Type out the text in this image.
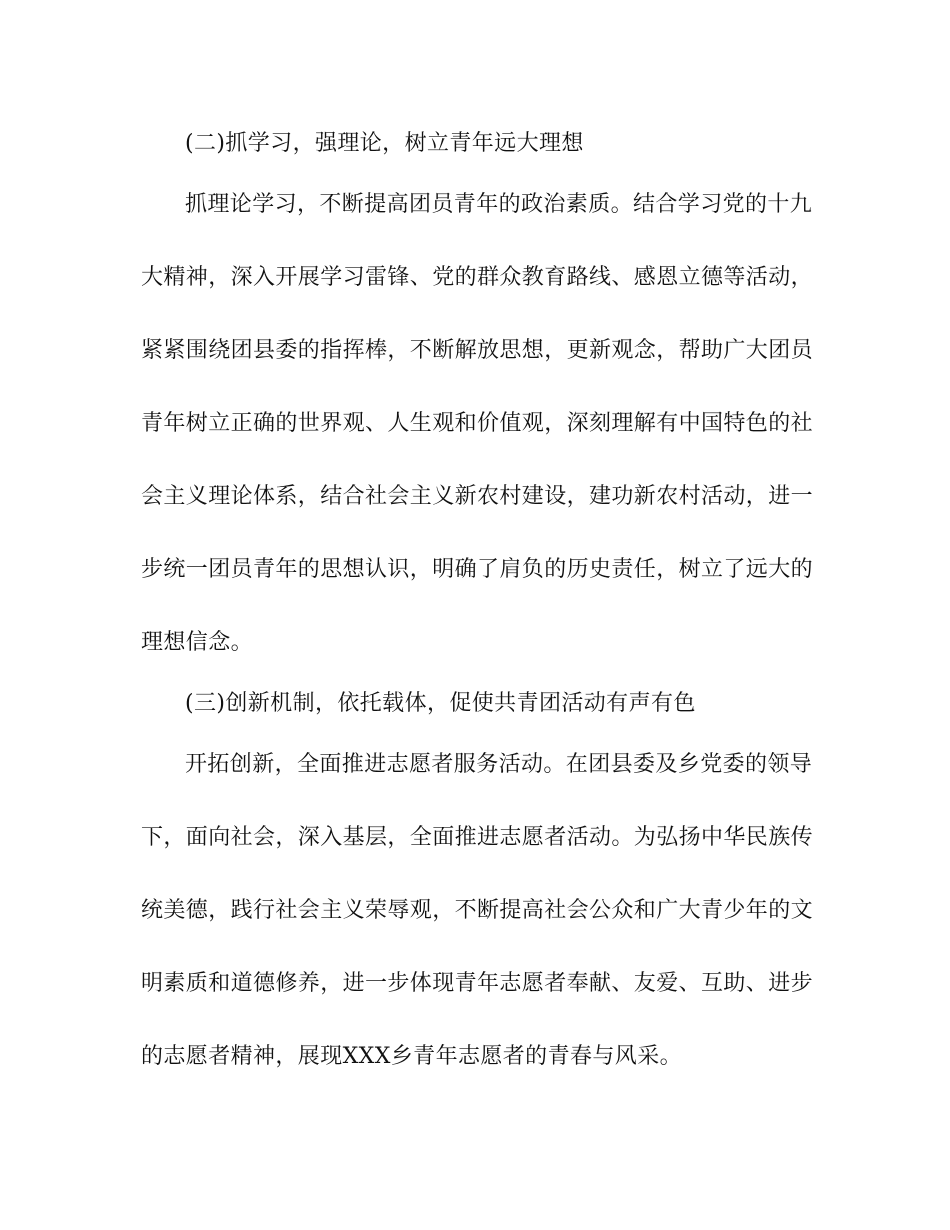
(二)抓学习，强理论，树立青年远大理想
抓理论学习，不断提高团员青年的政治素质。结合学习党的十九
大精神，深入开展学习雷锋、党的群众教育路线、感恩立德等活动，
紧紧围绕团县委的指挥棒，不断解放思想，更新观念，帮助广大团员
青年树立正确的世界观、人生观和价值观，深刻理解有中国特色的社
会主义理论体系，结合社会主义新农村建设，建功新农村活动，进一
步统一团员青年的思想认识，明确了肩负的历史责任，树立了远大的
理想信念。
(三)创新机制，依托载体，促使共青团活动有声有色
开拓创新，全面推进志愿者服务活动。在团县委及乡党委的领导
下，面向社会，深入基层，全面推进志愿者活动。为弘扬中华民族传
统美德，践行社会主义荣辱观，不断提高社会公众和广大青少年的文
明素质和道德修养，进一步体现青年志愿者奉献、友爱、互助、进步
的志愿者精神，展现XXX乡青年志愿者的青春与风采。
